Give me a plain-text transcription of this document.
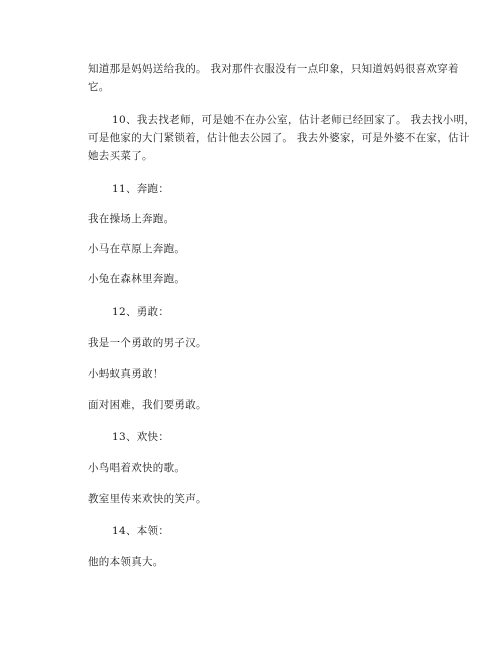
知道那是妈妈送给我的。 我对那件衣服没有一点印象，只知道妈妈很喜欢穿着
它。
10、我去找老师，可是她不在办公室，估计老师已经回家了。 我去找小明，
可是他家的大门紧锁着，估计他去公园了。 我去外婆家，可是外婆不在家，估计
她去买菜了。
11、奔跑：
我在操场上奔跑。
小马在草原上奔跑。
小兔在森林里奔跑。
12、勇敢：
我是一个勇敢的男子汉。
小蚂蚁真勇敢！
面对困难，我们要勇敢。
13、欢快：
小鸟唱着欢快的歌。
教室里传来欢快的笑声。
14、本领：
他的本领真大。
